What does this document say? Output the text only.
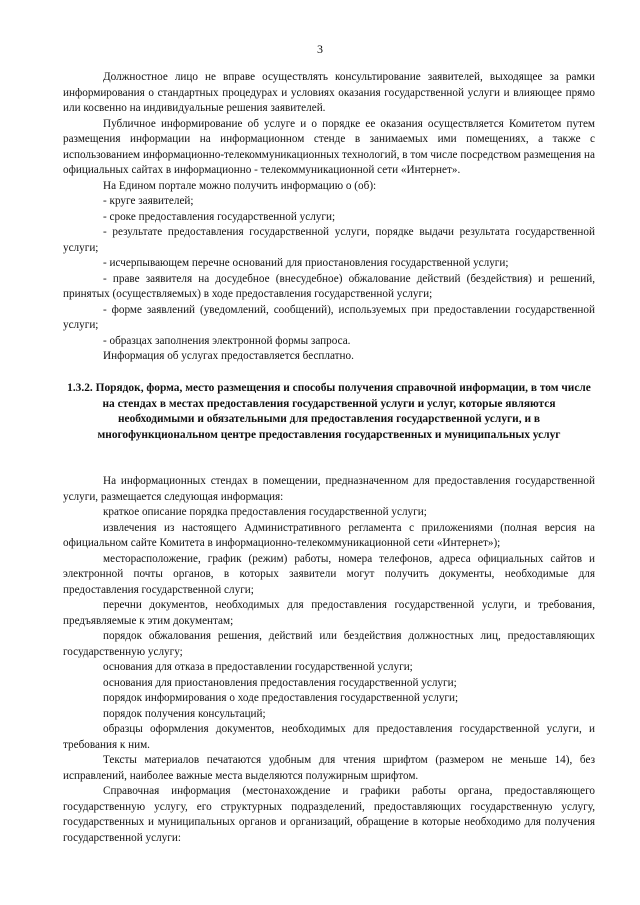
3

Должностное лицо не вправе осуществлять консультирование заявителей, выходящее за рамки информирования о стандартных процедурах и условиях оказания государственной услуги и влияющее прямо или косвенно на индивидуальные решения заявителей.

Публичное информирование об услуге и о порядке ее оказания осуществляется Комитетом путем размещения информации на информационном стенде в занимаемых ими помещениях, а также с использованием информационно-телекоммуникационных технологий, в том числе посредством размещения на официальных сайтах в информационно - телекоммуникационной сети «Интернет».

На Едином портале можно получить информацию о (об):

- круге заявителей;

- сроке предоставления государственной услуги;

- результате предоставления государственной услуги, порядке выдачи результата государственной услуги;

- исчерпывающем перечне оснований для приостановления государственной услуги;

- праве заявителя на досудебное (внесудебное) обжалование действий (бездействия) и решений, принятых (осуществляемых) в ходе предоставления государственной услуги;

- форме заявлений (уведомлений, сообщений), используемых при предоставлении государственной услуги;

- образцах заполнения электронной формы запроса.

Информация об услугах предоставляется бесплатно.

1.3.2. Порядок, форма, место размещения и способы получения справочной информации, в том числе на стендах в местах предоставления государственной услуги и услуг, которые являются необходимыми и обязательными для предоставления государственной услуги, и в многофункциональном центре предоставления государственных и муниципальных услуг

На информационных стендах в помещении, предназначенном для предоставления государственной услуги, размещается следующая информация:

краткое описание порядка предоставления государственной услуги;

извлечения из настоящего Административного регламента с приложениями (полная версия на официальном сайте Комитета в информационно-телекоммуникационной сети «Интернет»);

месторасположение, график (режим) работы, номера телефонов, адреса официальных сайтов и электронной почты органов, в которых заявители могут получить документы, необходимые для предоставления государственной слуги;

перечни документов, необходимых для предоставления государственной услуги, и требования, предъявляемые к этим документам;

порядок обжалования решения, действий или бездействия должностных лиц, предоставляющих государственную услугу;

основания для отказа в предоставлении государственной услуги;

основания для приостановления предоставления государственной услуги;

порядок информирования о ходе предоставления государственной услуги;

порядок получения консультаций;

образцы оформления документов, необходимых для предоставления государственной услуги, и требования к ним.

Тексты материалов печатаются удобным для чтения шрифтом (размером не меньше 14), без исправлений, наиболее важные места выделяются полужирным шрифтом.

Справочная информация (местонахождение и графики работы органа, предоставляющего государственную услугу, его структурных подразделений, предоставляющих государственную услугу, государственных и муниципальных органов и организаций, обращение в которые необходимо для получения государственной услуги:
